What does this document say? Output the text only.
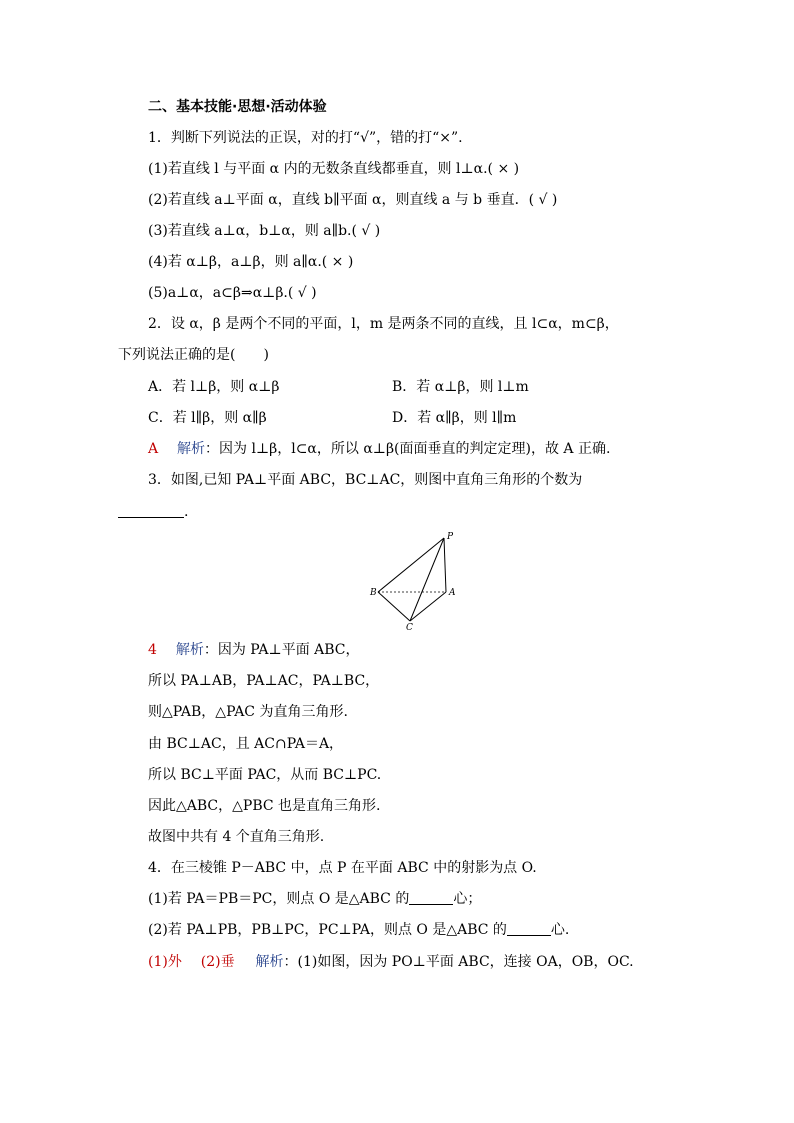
二、基本技能·思想·活动体验
1．判断下列说法的正误，对的打“√”，错的打“×”.
(1)若直线 l 与平面 α 内的无数条直线都垂直，则 l⊥α.( × )
(2)若直线 a⊥平面 α，直线 b∥平面 α，则直线 a 与 b 垂直．( √ )
(3)若直线 a⊥α，b⊥α，则 a∥b.( √ )
(4)若 α⊥β，a⊥β，则 a∥α.( × )
(5)a⊥α，a⊂β⇒α⊥β.( √ )
2．设 α，β 是两个不同的平面，l，m 是两条不同的直线，且 l⊂α，m⊂β，
下列说法正确的是(　　)
A．若 l⊥β，则 α⊥β	B．若 α⊥β，则 l⊥m
C．若 l∥β，则 α∥β	D．若 α∥β，则 l∥m
A 解析：因为 l⊥β，l⊂α，所以 α⊥β(面面垂直的判定定理)，故 A 正确.
3．如图,已知 PA⊥平面 ABC，BC⊥AC，则图中直角三角形的个数为
.
P
A
B
C
4 解析：因为 PA⊥平面 ABC，
所以 PA⊥AB，PA⊥AC，PA⊥BC，
则△PAB，△PAC 为直角三角形.
由 BC⊥AC，且 AC∩PA＝A，
所以 BC⊥平面 PAC，从而 BC⊥PC.
因此△ABC，△PBC 也是直角三角形.
故图中共有 4 个直角三角形.
4．在三棱锥 P－ABC 中，点 P 在平面 ABC 中的射影为点 O.
(1)若 PA＝PB＝PC，则点 O 是△ABC 的	心；
(2)若 PA⊥PB，PB⊥PC，PC⊥PA，则点 O 是△ABC 的	心.
(1)外 (2)垂 解析：(1)如图，因为 PO⊥平面 ABC，连接 OA，OB，OC.
